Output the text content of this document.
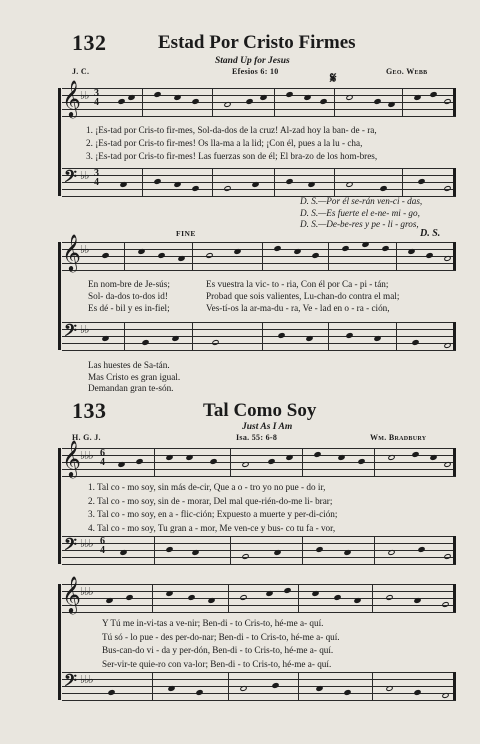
132	Estad Por Cristo Firmes
Stand Up for Jesus
J. C.	Efesios 6: 10	Geo. Webb
𝄋
𝄞 ♭♭ 3
4
1. ¡Es-tad por Cris-to fir-mes, Sol-da-dos de la cruz! Al-zad hoy la ban- de - ra,
2. ¡Es-tad por Cris-to fir-mes! Os lla-ma a la lid; ¡Con él, pues a la lu - cha,
3. ¡Es-tad por Cris-to fir-mes! Las fuerzas son de él; El bra-zo de los hom-bres,
𝄢 ♭♭ 3
4
D. S.—Por él se-rán ven-ci - das,
D. S.—Es fuerte el e-ne- mi - go,
D. S.—De-be-res y pe - li - gros,
FINE	D. S.
𝄞 ♭♭
En nom-bre de Je-sús;
Sol- da-dos to-dos id!
Es dé - bil y es in-fiel;
Es vuestra la vic- to - ria, Con él por Ca - pi - tán;
Probad que sois valientes, Lu-chan-do contra el mal;
Ves-tí-os la ar-ma-du - ra, Ve - lad en o - ra - ción,
𝄢 ♭♭
Las huestes de Sa-tán.
Mas Cristo es gran igual.
Demandan gran te-són.
133	Tal Como Soy
Just As I Am
H. G. J.	Isa. 55: 6-8	Wm. Bradbury
𝄞 ♭♭♭ 6
4
1. Tal co - mo soy, sin más de-cir, Que a o - tro yo no pue - do ir,
2. Tal co - mo soy, sin de - morar, Del mal que-rién-do-me li- brar;
3. Tal co - mo soy, en a - flic-ción; Expuesto a muerte y per-di-ción;
4. Tal co - mo soy, Tu gran a - mor, Me ven-ce y bus- co tu fa - vor,
𝄢 ♭♭♭ 6
4
𝄞 ♭♭♭
Y Tú me in-vi-tas a ve-nir; Ben-di - to Cris-to, hé-me a- quí.
Tú só - lo pue - des per-do-nar; Ben-di - to Cris-to, hé-me a- quí.
Bus-can-do vi - da y per-dón, Ben-di - to Cris-to, hé-me a- quí.
Ser-vir-te quie-ro con va-lor; Ben-di - to Cris-to, hé-me a- quí.
𝄢 ♭♭♭
